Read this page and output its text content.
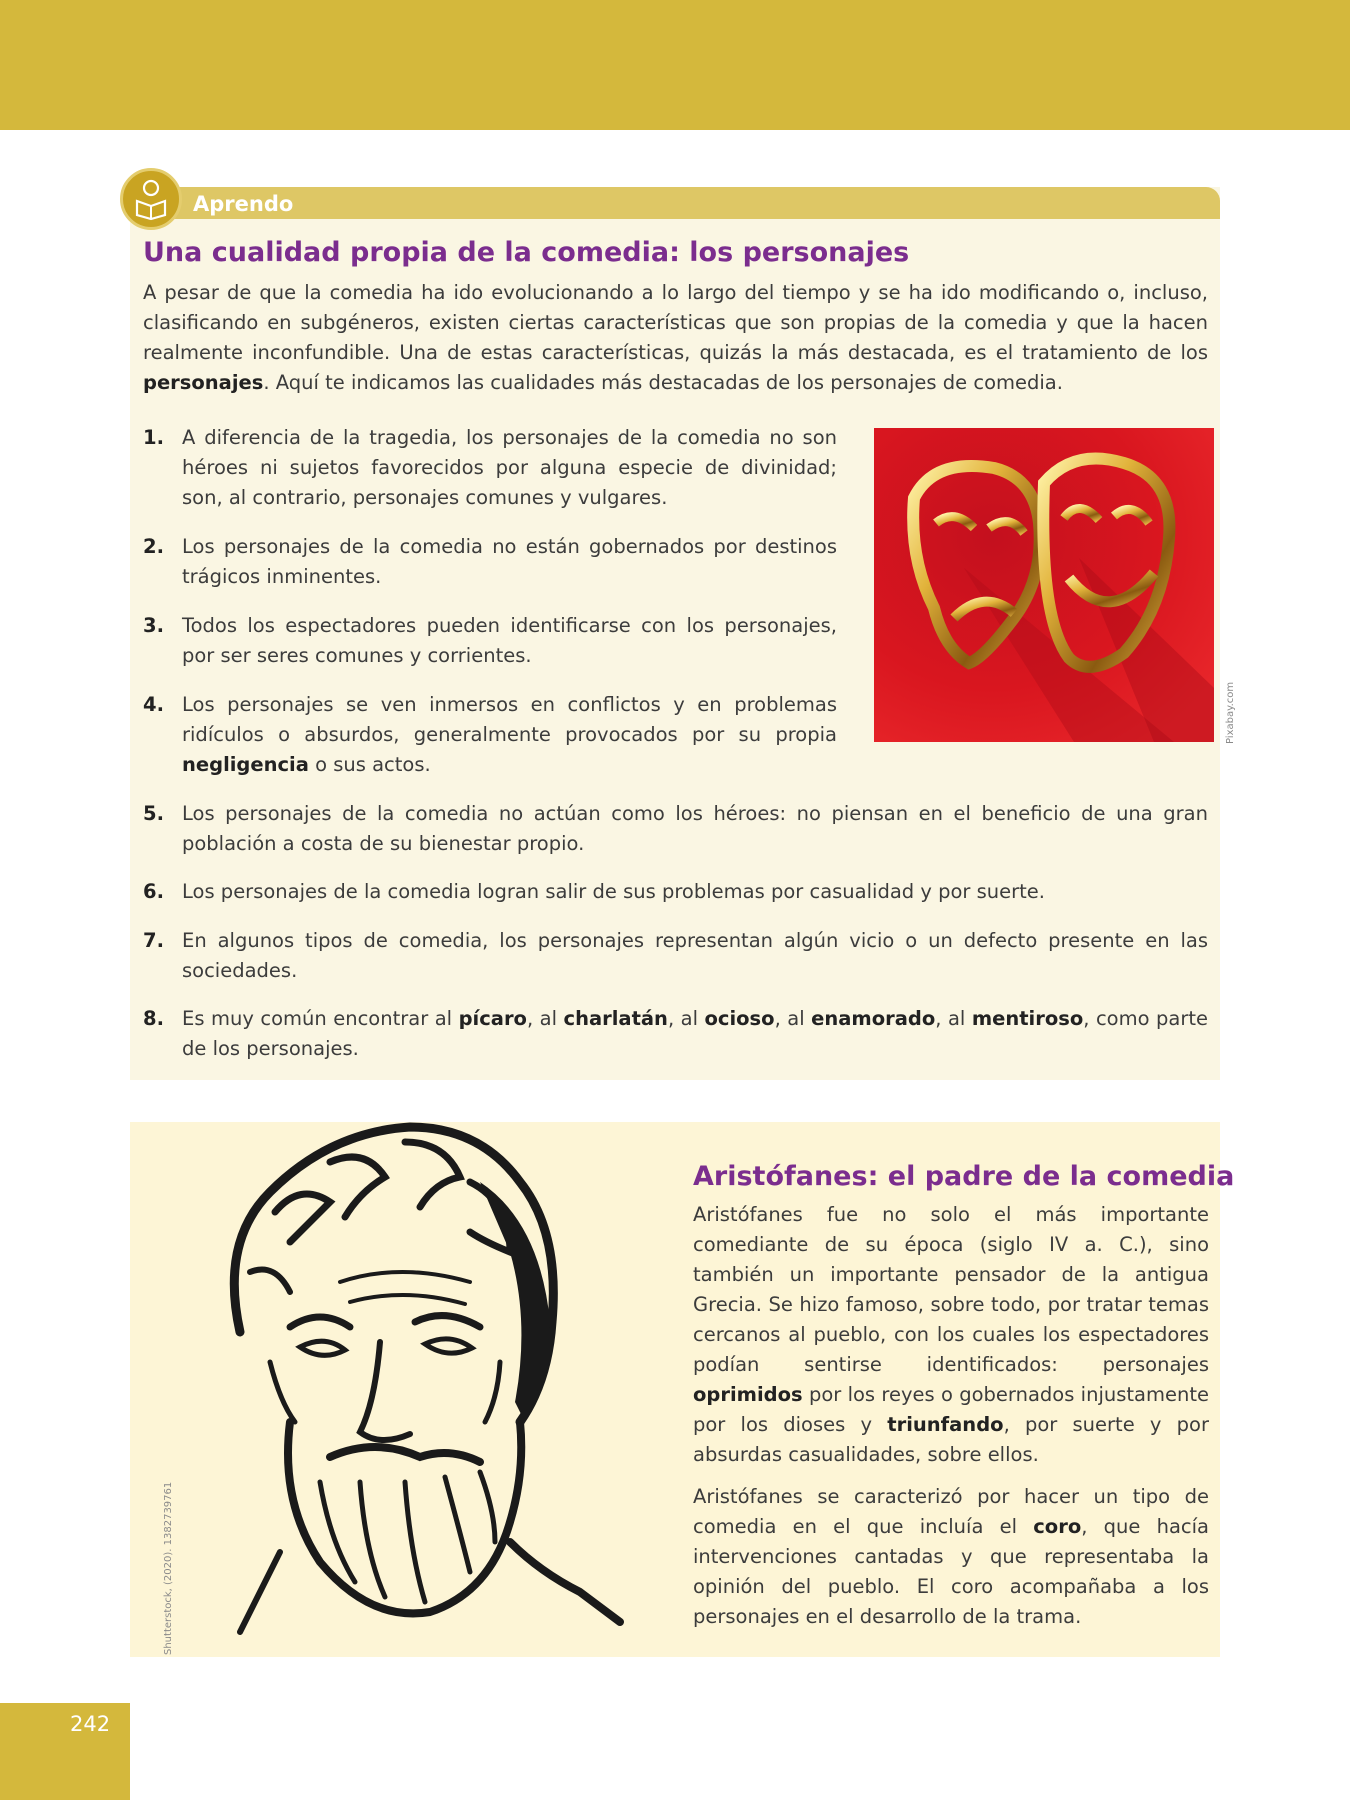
Aprendo
Una cualidad propia de la comedia: los personajes

A pesar de que la comedia ha ido evolucionando a lo largo del tiempo y se ha ido modificando o, incluso, clasificando en subgéneros, existen ciertas características que son propias de la comedia y que la hacen realmente inconfundible. Una de estas características, quizás la más destacada, es el tratamiento de los personajes. Aquí te indicamos las cualidades más destacadas de los personajes de comedia.

1. A diferencia de la tragedia, los personajes de la comedia no son héroes ni sujetos favorecidos por alguna especie de divinidad; son, al contrario, personajes comunes y vulgares.

2. Los personajes de la comedia no están gobernados por destinos trágicos inminentes.

3. Todos los espectadores pueden identificarse con los personajes, por ser seres comunes y corrientes.

4. Los personajes se ven inmersos en conflictos y en problemas ridículos o absurdos, generalmente provocados por su propia negligencia o sus actos.

5. Los personajes de la comedia no actúan como los héroes: no piensan en el beneficio de una gran población a costa de su bienestar propio.

6. Los personajes de la comedia logran salir de sus problemas por casualidad y por suerte.

7. En algunos tipos de comedia, los personajes representan algún vicio o un defecto presente en las sociedades.

8. Es muy común encontrar al pícaro, al charlatán, al ocioso, al enamorado, al mentiroso, como parte de los personajes.

Pixabay.com
Shutterstock, (2020). 1382739761
Aristófanes: el padre de la comedia

Aristófanes fue no solo el más importante comediante de su época (siglo IV a. C.), sino también un importante pensador de la antigua Grecia. Se hizo famoso, sobre todo, por tratar temas cercanos al pueblo, con los cuales los espectadores podían sentirse identificados: personajes oprimidos por los reyes o gobernados injustamente por los dioses y triunfando, por suerte y por absurdas casualidades, sobre ellos.

Aristófanes se caracterizó por hacer un tipo de comedia en el que incluía el coro, que hacía intervenciones cantadas y que representaba la opinión del pueblo. El coro acompañaba a los personajes en el desarrollo de la trama.

242
